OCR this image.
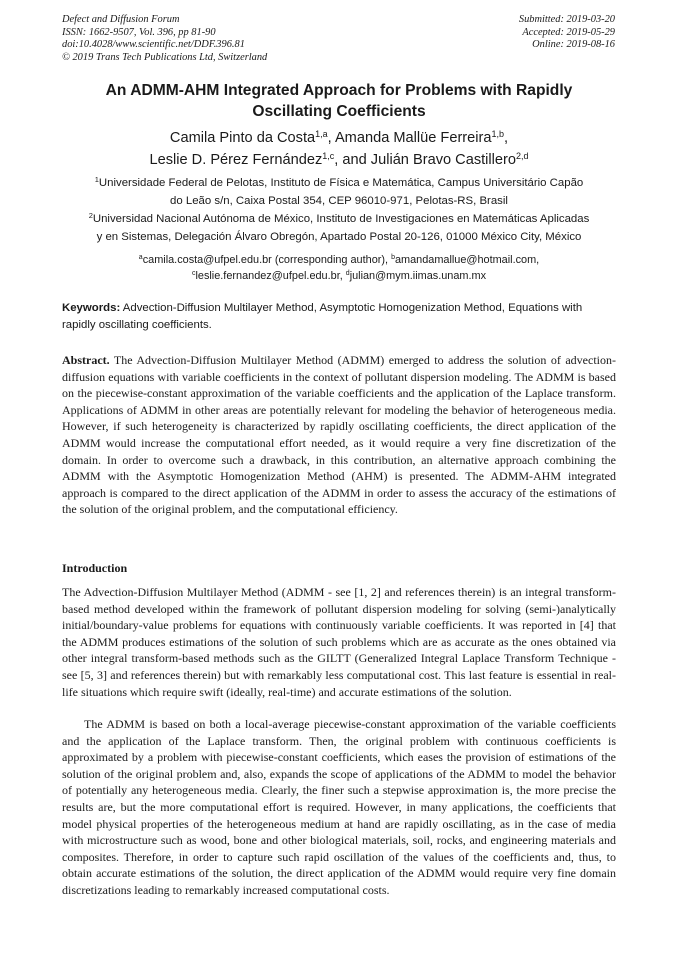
Defect and Diffusion Forum
ISSN: 1662-9507, Vol. 396, pp 81-90
doi:10.4028/www.scientific.net/DDF.396.81
© 2019 Trans Tech Publications Ltd, Switzerland
Submitted: 2019-03-20
Accepted: 2019-05-29
Online: 2019-08-16
An ADMM-AHM Integrated Approach for Problems with Rapidly
Oscillating Coefficients
Camila Pinto da Costa$^{1,a}$, Amanda Mallüe Ferreira$^{1,b}$,
Leslie D. Pérez Fernández$^{1,c}$, and Julián Bravo Castillero$^{2,d}$
$^1$Universidade Federal de Pelotas, Instituto de Física e Matemática, Campus Universitário Capão
do Leão s/n, Caixa Postal 354, CEP 96010-971, Pelotas-RS, Brasil
$^2$Universidad Nacional Autónoma de México, Instituto de Investigaciones en Matemáticas Aplicadas
y en Sistemas, Delegación Álvaro Obregón, Apartado Postal 20-126, 01000 México City, México
$^a$camila.costa@ufpel.edu.br (corresponding author), $^b$amandamallue@hotmail.com,
$^c$leslie.fernandez@ufpel.edu.br, $^d$julian@mym.iimas.unam.mx
Keywords: Advection-Diffusion Multilayer Method, Asymptotic Homogenization Method, Equations with rapidly oscillating coefficients.
Abstract. The Advection-Diffusion Multilayer Method (ADMM) emerged to address the solution of advection-diffusion equations with variable coefficients in the context of pollutant dispersion modeling. The ADMM is based on the piecewise-constant approximation of the variable coefficients and the application of the Laplace transform. Applications of ADMM in other areas are potentially relevant for modeling the behavior of heterogeneous media. However, if such heterogeneity is characterized by rapidly oscillating coefficients, the direct application of the ADMM would increase the computational effort needed, as it would require a very fine discretization of the domain. In order to overcome such a drawback, in this contribution, an alternative approach combining the ADMM with the Asymptotic Homogenization Method (AHM) is presented. The ADMM-AHM integrated approach is compared to the direct application of the ADMM in order to assess the accuracy of the estimations of the solution of the original problem, and the computational efficiency.
Introduction

The Advection-Diffusion Multilayer Method (ADMM - see [1, 2] and references therein) is an integral transform-based method developed within the framework of pollutant dispersion modeling for solving (semi-)analytically initial/boundary-value problems for equations with continuously variable coefficients. It was reported in [4] that the ADMM produces estimations of the solution of such problems which are as accurate as the ones obtained via other integral transform-based methods such as the GILTT (Generalized Integral Laplace Transform Technique - see [5, 3] and references therein) but with remarkably less computational cost. This last feature is essential in real-life situations which require swift (ideally, real-time) and accurate estimations of the solution.

The ADMM is based on both a local-average piecewise-constant approximation of the variable coefficients and the application of the Laplace transform. Then, the original problem with continuous coefficients is approximated by a problem with piecewise-constant coefficients, which eases the provision of estimations of the solution of the original problem and, also, expands the scope of applications of the ADMM to model the behavior of potentially any heterogeneous media. Clearly, the finer such a stepwise approximation is, the more precise the results are, but the more computational effort is required. However, in many applications, the coefficients that model physical properties of the heterogeneous medium at hand are rapidly oscillating, as in the case of media with microstructure such as wood, bone and other biological materials, soil, rocks, and engineering materials and composites. Therefore, in order to capture such rapid oscillation of the values of the coefficients and, thus, to obtain accurate estimations of the solution, the direct application of the ADMM would require very fine domain discretizations leading to remarkably increased computational costs.
